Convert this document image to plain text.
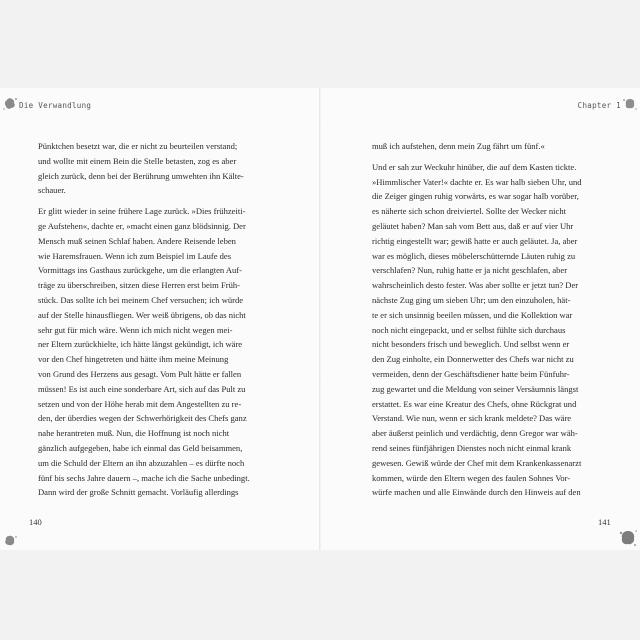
Die Verwandlung	Chapter 1
Pünktchen besetzt war, die er nicht zu beurteilen verstand;
und wollte mit einem Bein die Stelle betasten, zog es aber
gleich zurück, denn bei der Berührung umwehten ihn Kälte-
schauer.
Er glitt wieder in seine frühere Lage zurück. »Dies frühzeiti-
ge Aufstehen«, dachte er, »macht einen ganz blödsinnig. Der
Mensch muß seinen Schlaf haben. Andere Reisende leben
wie Haremsfrauen. Wenn ich zum Beispiel im Laufe des
Vormittags ins Gasthaus zurückgehe, um die erlangten Auf-
träge zu überschreiben, sitzen diese Herren erst beim Früh-
stück. Das sollte ich bei meinem Chef versuchen; ich würde
auf der Stelle hinausfliegen. Wer weiß übrigens, ob das nicht
sehr gut für mich wäre. Wenn ich mich nicht wegen mei-
ner Eltern zurückhielte, ich hätte längst gekündigt, ich wäre
vor den Chef hingetreten und hätte ihm meine Meinung
von Grund des Herzens aus gesagt. Vom Pult hätte er fallen
müssen! Es ist auch eine sonderbare Art, sich auf das Pult zu
setzen und von der Höhe herab mit dem Angestellten zu re-
den, der überdies wegen der Schwerhörigkeit des Chefs ganz
nahe herantreten muß. Nun, die Hoffnung ist noch nicht
gänzlich aufgegeben, habe ich einmal das Geld beisammen,
um die Schuld der Eltern an ihn abzuzahlen – es dürfte noch
fünf bis sechs Jahre dauern –, mache ich die Sache unbedingt.
Dann wird der große Schnitt gemacht. Vorläufig allerdings
muß ich aufstehen, denn mein Zug fährt um fünf.«
Und er sah zur Weckuhr hinüber, die auf dem Kasten tickte.
»Himmlischer Vater!« dachte er. Es war halb sieben Uhr, und
die Zeiger gingen ruhig vorwärts, es war sogar halb vorüber,
es näherte sich schon dreiviertel. Sollte der Wecker nicht
geläutet haben? Man sah vom Bett aus, daß er auf vier Uhr
richtig eingestellt war; gewiß hatte er auch geläutet. Ja, aber
war es möglich, dieses möbelerschütternde Läuten ruhig zu
verschlafen? Nun, ruhig hatte er ja nicht geschlafen, aber
wahrscheinlich desto fester. Was aber sollte er jetzt tun? Der
nächste Zug ging um sieben Uhr; um den einzuholen, hät-
te er sich unsinnig beeilen müssen, und die Kollektion war
noch nicht eingepackt, und er selbst fühlte sich durchaus
nicht besonders frisch und beweglich. Und selbst wenn er
den Zug einholte, ein Donnerwetter des Chefs war nicht zu
vermeiden, denn der Geschäftsdiener hatte beim Fünfuhr-
zug gewartet und die Meldung von seiner Versäumnis längst
erstattet. Es war eine Kreatur des Chefs, ohne Rückgrat und
Verstand. Wie nun, wenn er sich krank meldete? Das wäre
aber äußerst peinlich und verdächtig, denn Gregor war wäh-
rend seines fünfjährigen Dienstes noch nicht einmal krank
gewesen. Gewiß würde der Chef mit dem Krankenkassenarzt
kommen, würde den Eltern wegen des faulen Sohnes Vor-
würfe machen und alle Einwände durch den Hinweis auf den
140	141
